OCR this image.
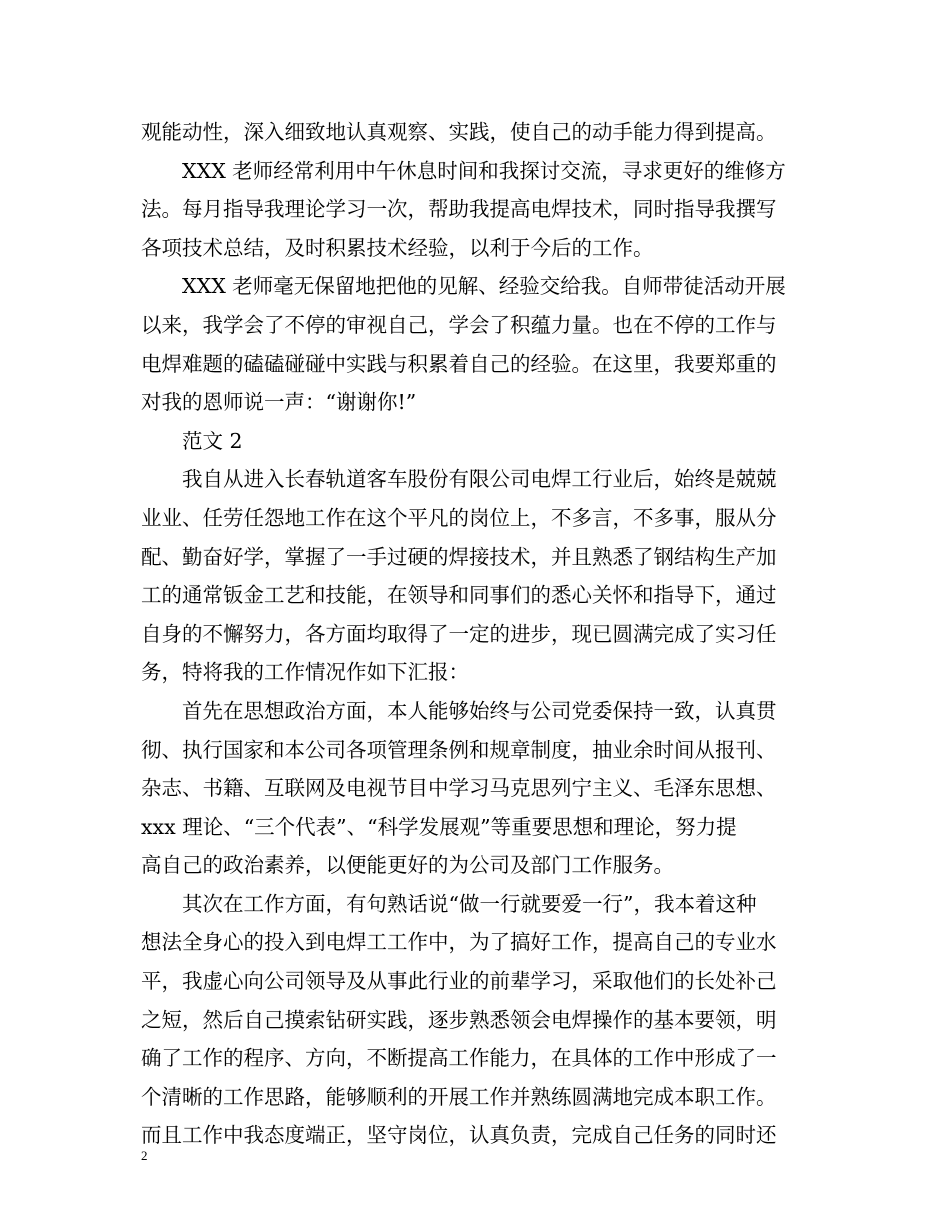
观能动性，深入细致地认真观察、实践，使自己的动手能力得到提高。
XXX 老师经常利用中午休息时间和我探讨交流，寻求更好的维修方
法。每月指导我理论学习一次，帮助我提高电焊技术，同时指导我撰写
各项技术总结，及时积累技术经验，以利于今后的工作。
XXX 老师毫无保留地把他的见解、经验交给我。自师带徒活动开展
以来，我学会了不停的审视自己，学会了积蕴力量。也在不停的工作与
电焊难题的磕磕碰碰中实践与积累着自己的经验。在这里，我要郑重的
对我的恩师说一声：“谢谢你!”
范文 2
我自从进入长春轨道客车股份有限公司电焊工行业后，始终是兢兢
业业、任劳任怨地工作在这个平凡的岗位上，不多言，不多事，服从分
配、勤奋好学，掌握了一手过硬的焊接技术，并且熟悉了钢结构生产加
工的通常钣金工艺和技能，在领导和同事们的悉心关怀和指导下，通过
自身的不懈努力，各方面均取得了一定的进步，现已圆满完成了实习任
务，特将我的工作情况作如下汇报：
首先在思想政治方面，本人能够始终与公司党委保持一致，认真贯
彻、执行国家和本公司各项管理条例和规章制度，抽业余时间从报刊、
杂志、书籍、互联网及电视节目中学习马克思列宁主义、毛泽东思想、
xxx 理论、“三个代表”、“科学发展观”等重要思想和理论，努力提
高自己的政治素养，以便能更好的为公司及部门工作服务。
其次在工作方面，有句熟话说“做一行就要爱一行”，我本着这种
想法全身心的投入到电焊工工作中，为了搞好工作，提高自己的专业水
平，我虚心向公司领导及从事此行业的前辈学习，采取他们的长处补己
之短，然后自己摸索钻研实践，逐步熟悉领会电焊操作的基本要领，明
确了工作的程序、方向，不断提高工作能力，在具体的工作中形成了一
个清晰的工作思路，能够顺利的开展工作并熟练圆满地完成本职工作。
而且工作中我态度端正，坚守岗位，认真负责，完成自己任务的同时还
2
